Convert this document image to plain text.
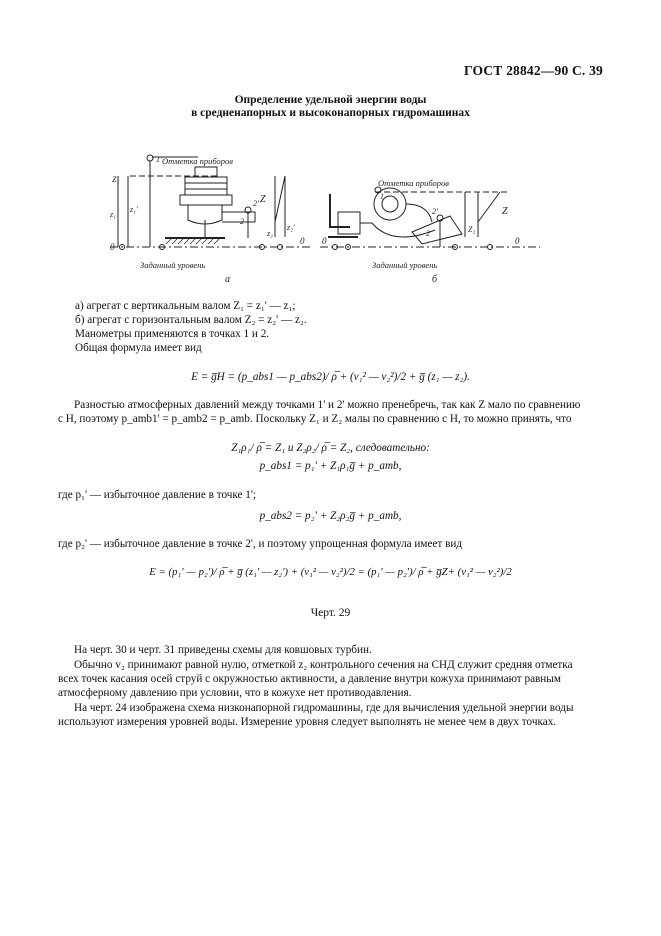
ГОСТ 28842—90 С. 39
Определение удельной энергии воды
в средненапорных и высоконапорных гидромашинах
Отметка приборов
Отметка приборов
Заданный уровень	Заданный уровень
а	б
Z
Z
0
0 0	0
1'
1
2'
2'
2
2
z₁
z₁'
z₂
z₂'
Z₁
Z₂
а) агрегат с вертикальным валом Z₁ = z₁' — z₁;
б) агрегат с горизонтальным валом Z₂ = z₂' — z₂.
Манометры применяются в точках 1 и 2.
Общая формула имеет вид
E = g̅H = (p_abs1 — p_abs2)/ ρ̅ + (v₁² — v₂²)/2 + g̅ (z₁ — z₂).
Разностью атмосферных давлений между точками 1' и 2' можно пренебречь, так как Z мало по сравнению
с H, поэтому p_amb1' = p_amb2 = p_amb. Поскольку Z₁ и Z₂ малы по сравнению с H, то можно принять, что
Z₁ρ₁/ ρ̅ = Z₁ и Z₂ρ₂/ ρ̅ = Z₂, следовательно:
p_abs1 = p₁' + Z₁ρ₁g̅ + p_amb,
где p₁' — избыточное давление в точке 1';
p_abs2 = p₂' + Z₂ρ₂g̅ + p_amb,
где p₂' — избыточное давление в точке 2', и поэтому упрощенная формула имеет вид
E = (p₁' — p₂')/ ρ̅ + g̅ (z₁' — z₂') + (v₁² — v₂²)/2 = (p₁' — p₂')/ ρ̅ + g̅Z+ (v₁² — v₂²)/2
Черт. 29
На черт. 30 и черт. 31 приведены схемы для ковшовых турбин.
Обычно v₂ принимают равной нулю, отметкой z₂ контрольного сечения на СНД служит средняя отметка
всех точек касания осей струй с окружностью активности, а давление внутри кожуха принимают равным
атмосферному давлению при условии, что в кожухе нет противодавления.
На черт. 24 изображена схема низконапорной гидромашины, где для вычисления удельной энергии воды
используют измерения уровней воды. Измерение уровня следует выполнять не менее чем в двух точках.
